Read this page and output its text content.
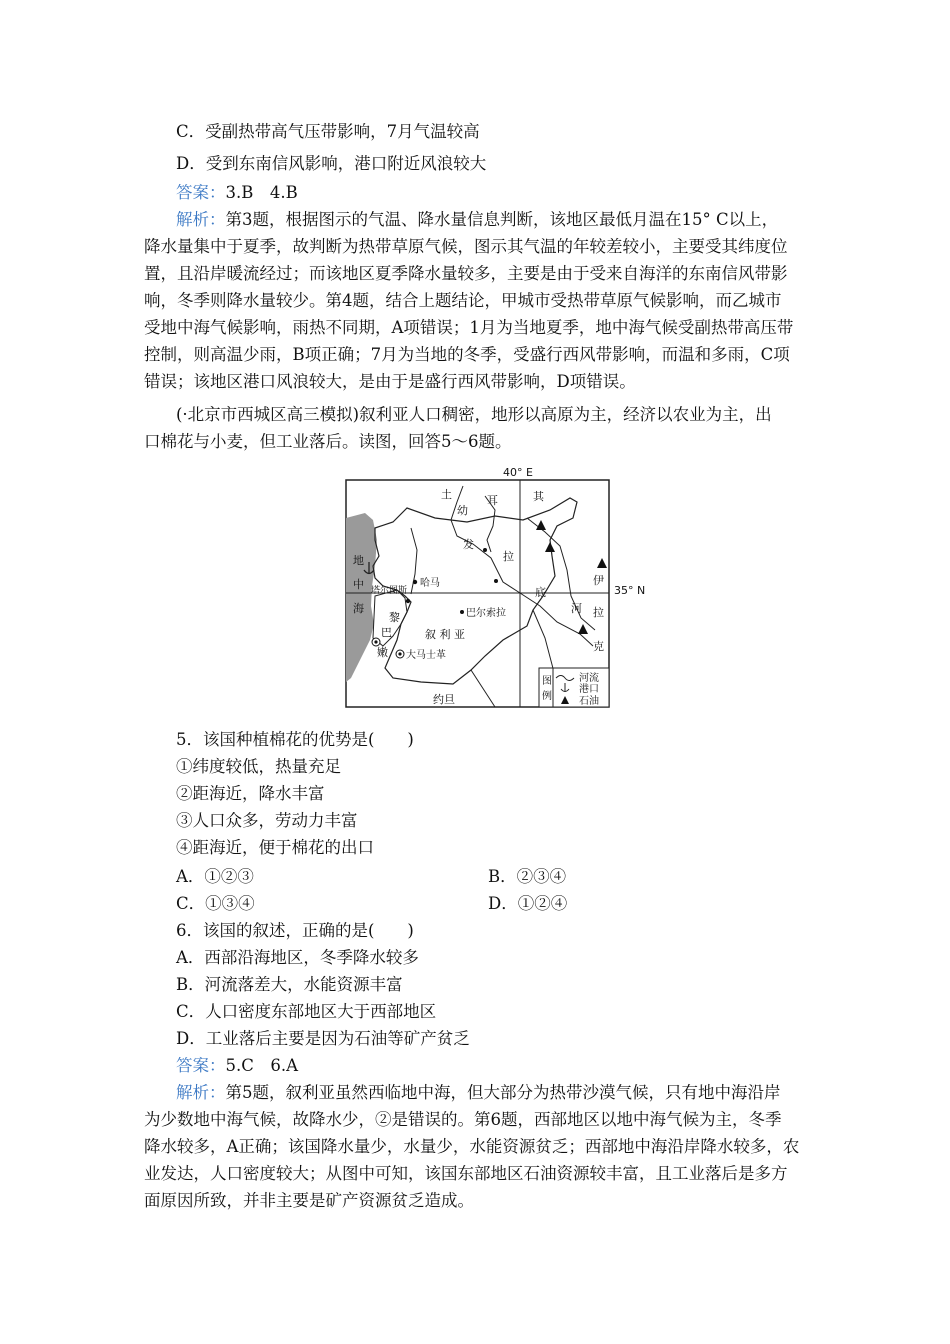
C．受副热带高气压带影响，7月气温较高
D．受到东南信风影响，港口附近风浪较大
答案：3.B　4.B
解析：第3题，根据图示的气温、降水量信息判断，该地区最低月温在15° C以上，
降水量集中于夏季，故判断为热带草原气候，图示其气温的年较差较小，主要受其纬度位
置，且沿岸暖流经过；而该地区夏季降水量较多，主要是由于受来自海洋的东南信风带影
响，冬季则降水量较少。第4题，结合上题结论，甲城市受热带草原气候影响，而乙城市
受地中海气候影响，雨热不同期，A项错误；1月为当地夏季，地中海气候受副热带高压带
控制，则高温少雨，B项正确；7月为当地的冬季，受盛行西风带影响，而温和多雨，C项
错误；该地区港口风浪较大，是由于是盛行西风带影响，D项错误。
(·北京市西城区高三模拟)叙利亚人口稠密，地形以高原为主，经济以农业为主，出
口棉花与小麦，但工业落后。读图，回答5～6题。
40° E
土	耳	其
幼
发
拉
底
地
中
海
哈马
塔尔图斯
黎	巴尔索拉
叙 利 亚
巴
嫩 大马士革
伊
河 拉
克
约旦
图
例
河流
港口
石油
35° N
5．该国种植棉花的优势是(　　)
①纬度较低，热量充足
②距海近，降水丰富
③人口众多，劳动力丰富
④距海近，便于棉花的出口
A．①②③	B．②③④
C．①③④	D．①②④
6．该国的叙述，正确的是(　　)
A．西部沿海地区，冬季降水较多
B．河流落差大，水能资源丰富
C．人口密度东部地区大于西部地区
D．工业落后主要是因为石油等矿产贫乏
答案：5.C　6.A
解析：第5题，叙利亚虽然西临地中海，但大部分为热带沙漠气候，只有地中海沿岸
为少数地中海气候，故降水少，②是错误的。第6题，西部地区以地中海气候为主，冬季
降水较多，A正确；该国降水量少，水量少，水能资源贫乏；西部地中海沿岸降水较多，农
业发达，人口密度较大；从图中可知，该国东部地区石油资源较丰富，且工业落后是多方
面原因所致，并非主要是矿产资源贫乏造成。
